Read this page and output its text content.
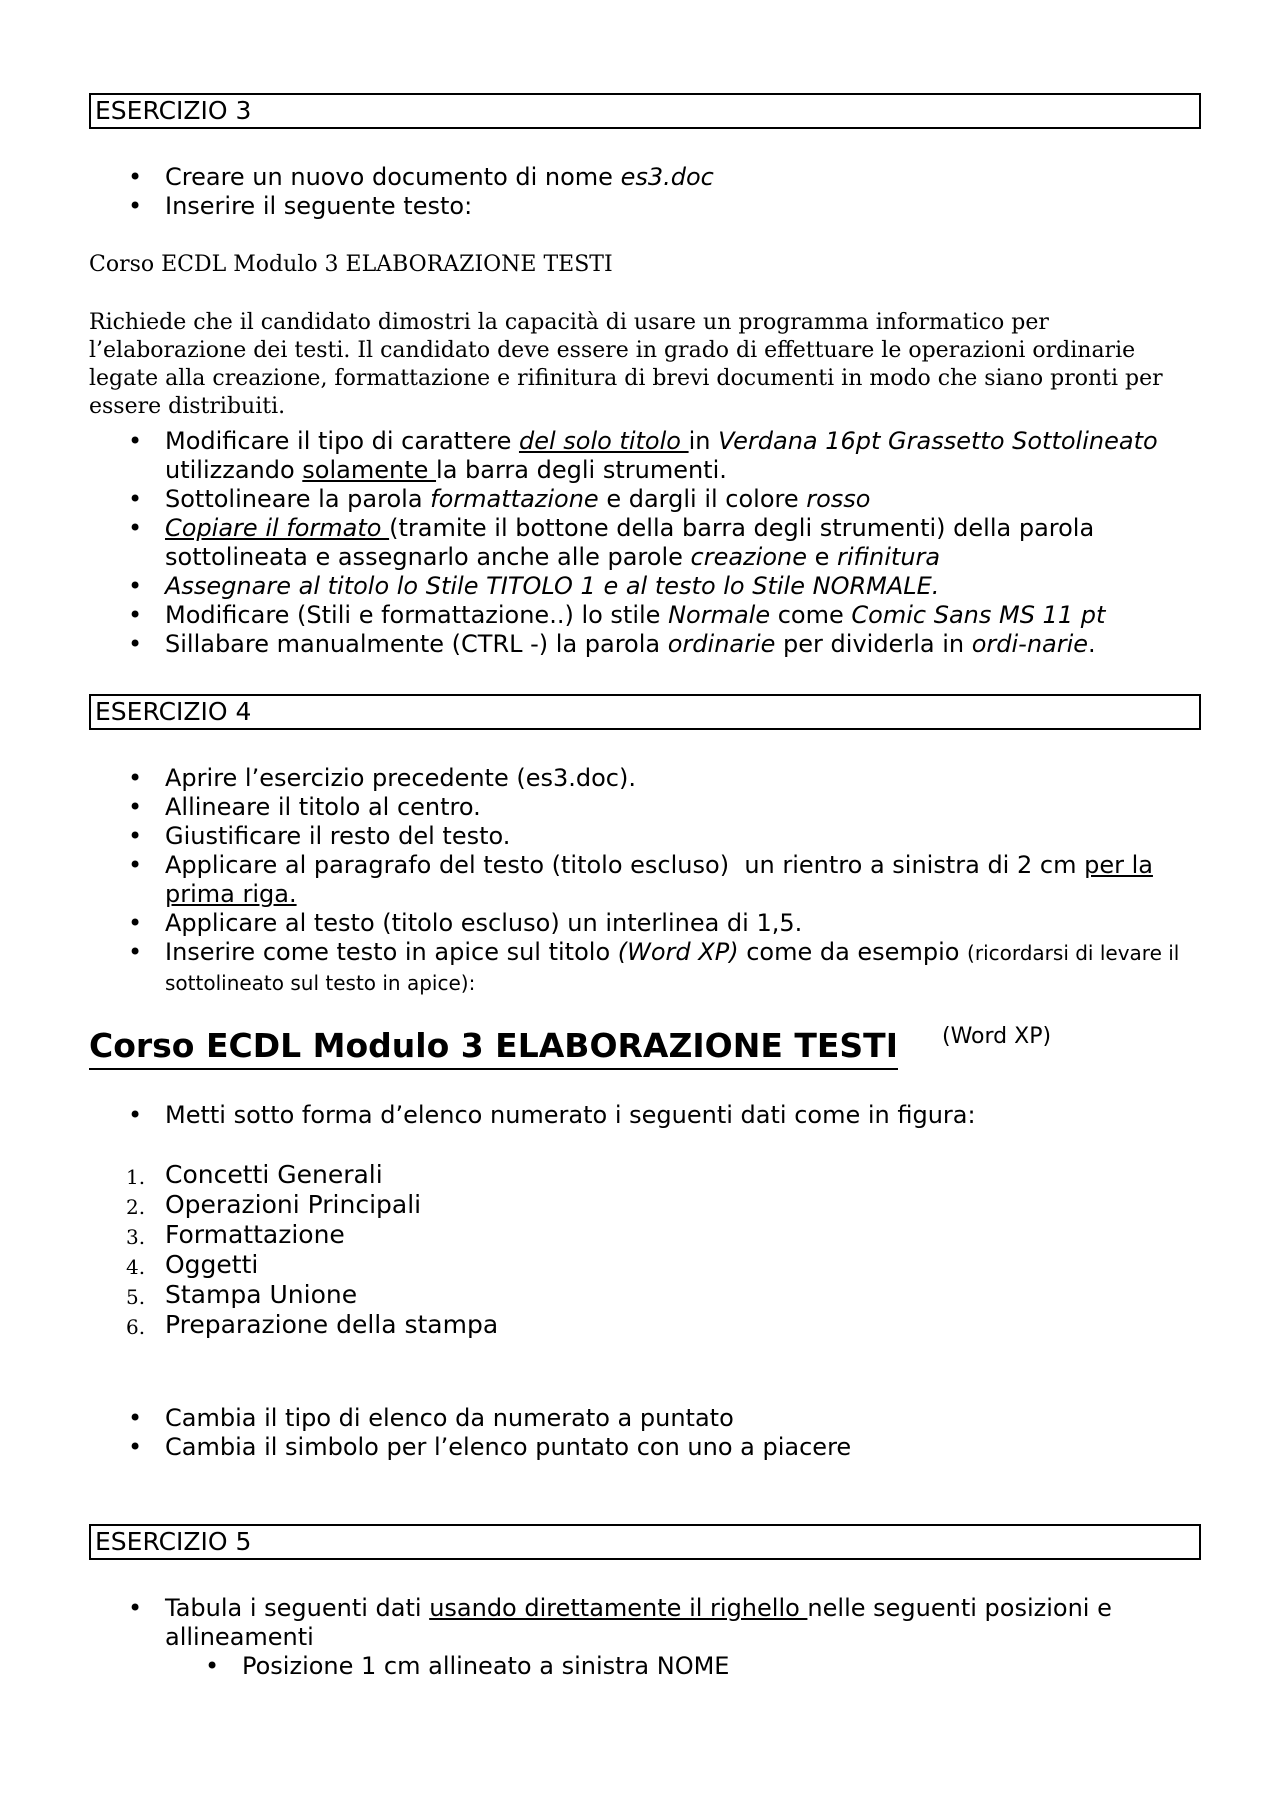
ESERCIZIO 3
• Creare un nuovo documento di nome es3.doc
• Inserire il seguente testo:
Corso ECDL Modulo 3 ELABORAZIONE TESTI
Richiede che il candidato dimostri la capacità di usare un programma informatico per l’elaborazione dei testi. Il candidato deve essere in grado di effettuare le operazioni ordinarie legate alla creazione, formattazione e rifinitura di brevi documenti in modo che siano pronti per essere distribuiti.
• Modificare il tipo di carattere del solo titolo in Verdana 16pt Grassetto Sottolineato utilizzando solamente la barra degli strumenti.
• Sottolineare la parola formattazione e dargli il colore rosso
• Copiare il formato (tramite il bottone della barra degli strumenti) della parola sottolineata e assegnarlo anche alle parole creazione e rifinitura
• Assegnare al titolo lo Stile TITOLO 1 e al testo lo Stile NORMALE.
• Modificare (Stili e formattazione..) lo stile Normale come Comic Sans MS 11 pt
• Sillabare manualmente (CTRL -) la parola ordinarie per dividerla in ordi-narie.
ESERCIZIO 4
• Aprire l’esercizio precedente (es3.doc).
• Allineare il titolo al centro.
• Giustificare il resto del testo.
• Applicare al paragrafo del testo (titolo escluso)  un rientro a sinistra di 2 cm per la prima riga.
• Applicare al testo (titolo escluso) un interlinea di 1,5.
• Inserire come testo in apice sul titolo (Word XP) come da esempio (ricordarsi di levare il sottolineato sul testo in apice):
Corso ECDL Modulo 3 ELABORAZIONE TESTI (Word XP)
• Metti sotto forma d’elenco numerato i seguenti dati come in figura:
1. Concetti Generali
2. Operazioni Principali
3. Formattazione
4. Oggetti
5. Stampa Unione
6. Preparazione della stampa
• Cambia il tipo di elenco da numerato a puntato
• Cambia il simbolo per l’elenco puntato con uno a piacere
ESERCIZIO 5
• Tabula i seguenti dati usando direttamente il righello nelle seguenti posizioni e allineamenti
• Posizione 1 cm allineato a sinistra NOME
